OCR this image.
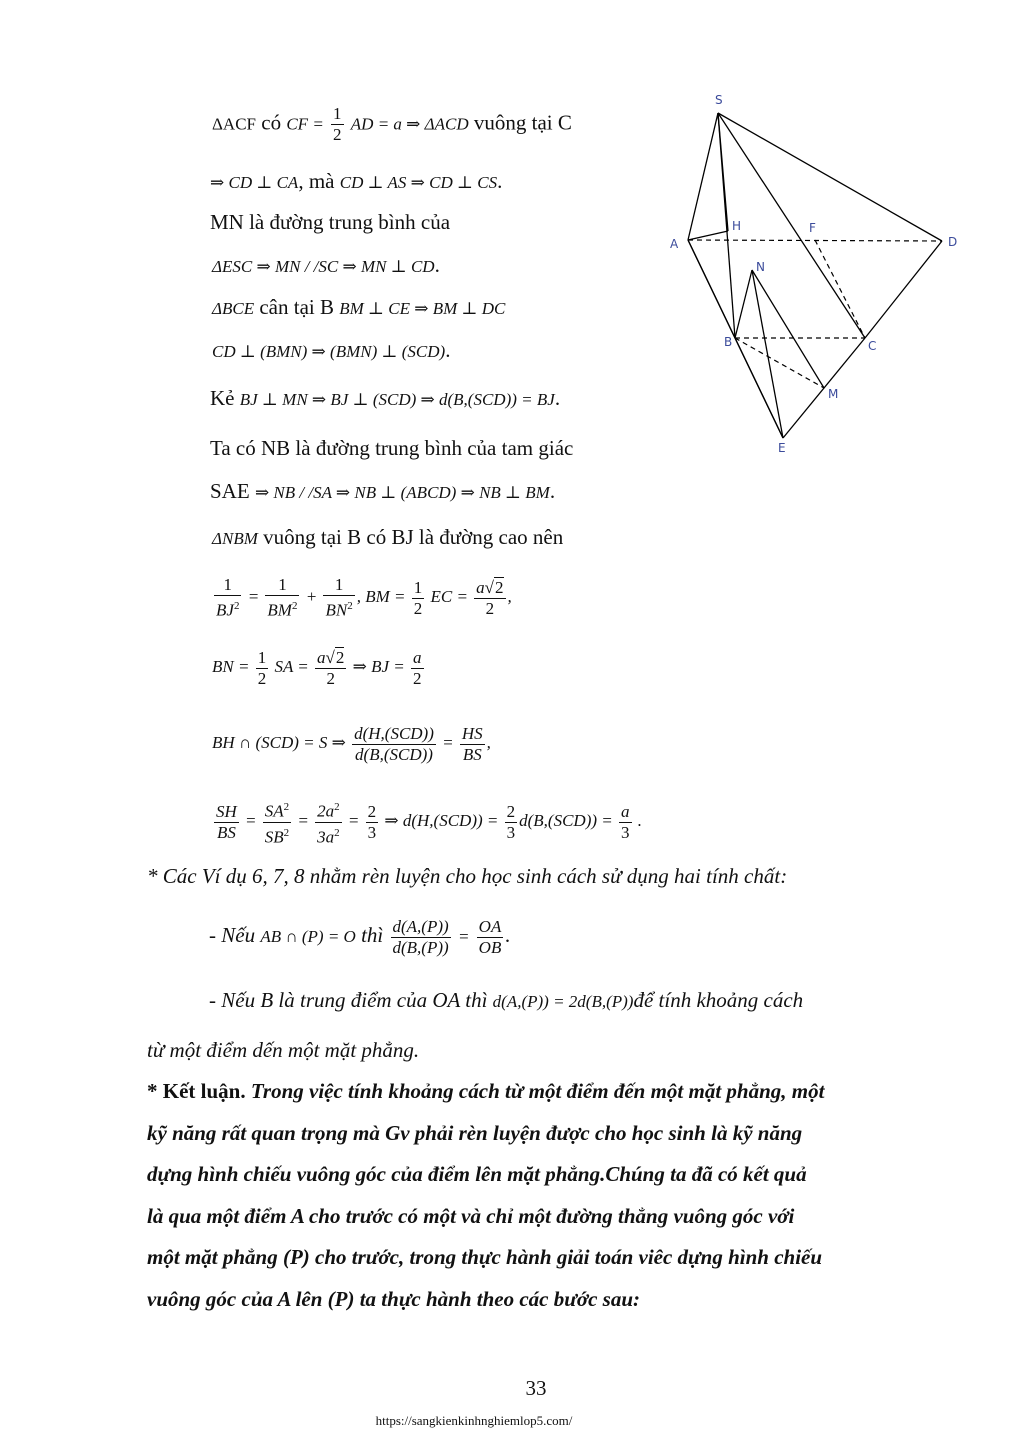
S
H	F
A	D
N
B	C
M
E
ΔACF có CF = $\frac{1}{2}$ AD = a ⇒ ΔACD vuông tại C
⇒ CD ⊥ CA, mà CD ⊥ AS ⇒ CD ⊥ CS.
MN là đường trung bình của
ΔESC ⇒ MN / /SC ⇒ MN ⊥ CD.
ΔBCE cân tại B BM ⊥ CE ⇒ BM ⊥ DC
CD ⊥ (BMN) ⇒ (BMN) ⊥ (SCD).
Kẻ BJ ⊥ MN ⇒ BJ ⊥ (SCD) ⇒ d(B,(SCD)) = BJ.
Ta có NB là đường trung bình của tam giác
SAE ⇒ NB / /SA ⇒ NB ⊥ (ABCD) ⇒ NB ⊥ BM.
ΔNBM vuông tại B có BJ là đường cao nên
$\frac{1}{BJ^2} = \frac{1}{BM^2} + \frac{1}{BN^2}$ , BM = $\frac{1}{2}$ EC = $\frac{a√2}{2}$ ,
BN = $\frac{1}{2}$ SA = $\frac{a√2}{2}$ ⇒ BJ = $\frac{a}{2}$
BH ∩ (SCD) = S ⇒ $\frac{\text{d(H,(SCD))}}{\text{d(B,(SCD))}} = \frac{HS}{BS}$ ,
$\frac{SH}{BS} = \frac{SA^2}{SB^2} = \frac{2a^2}{3a^2} = \frac{2}{3}$ ⇒ $d(H,(SCD)) = \frac{2}{3} d(B,(SCD)) = \frac{a}{3}$ .
* Các Ví dụ 6, 7, 8 nhằm rèn luyện cho học sinh cách sử dụng hai tính chất:
- Nếu AB ∩ (P) = O thì $\frac{d(A,(P))}{d(B,(P))} = \frac{OA}{OB}$ .
- Nếu B là trung điểm của OA thì d(A,(P)) = 2d(B,(P))để tính khoảng cách
từ một điểm dến một mặt phẳng.
* Kết luận. Trong việc tính khoảng cách từ một điểm đến một mặt phẳng, một
kỹ năng rất quan trọng mà Gv phải rèn luyện được cho học sinh là kỹ năng
dựng hình chiếu vuông góc của điểm lên mặt phẳng.Chúng ta đã có kết quả
là qua một điểm A cho trước có một và chỉ một đường thẳng vuông góc với
một mặt phẳng (P) cho trước, trong thực hành giải toán viêc dựng hình chiếu
vuông góc của A lên (P) ta thực hành theo các bước sau:
33
https://sangkienkinhnghiemlop5.com/
